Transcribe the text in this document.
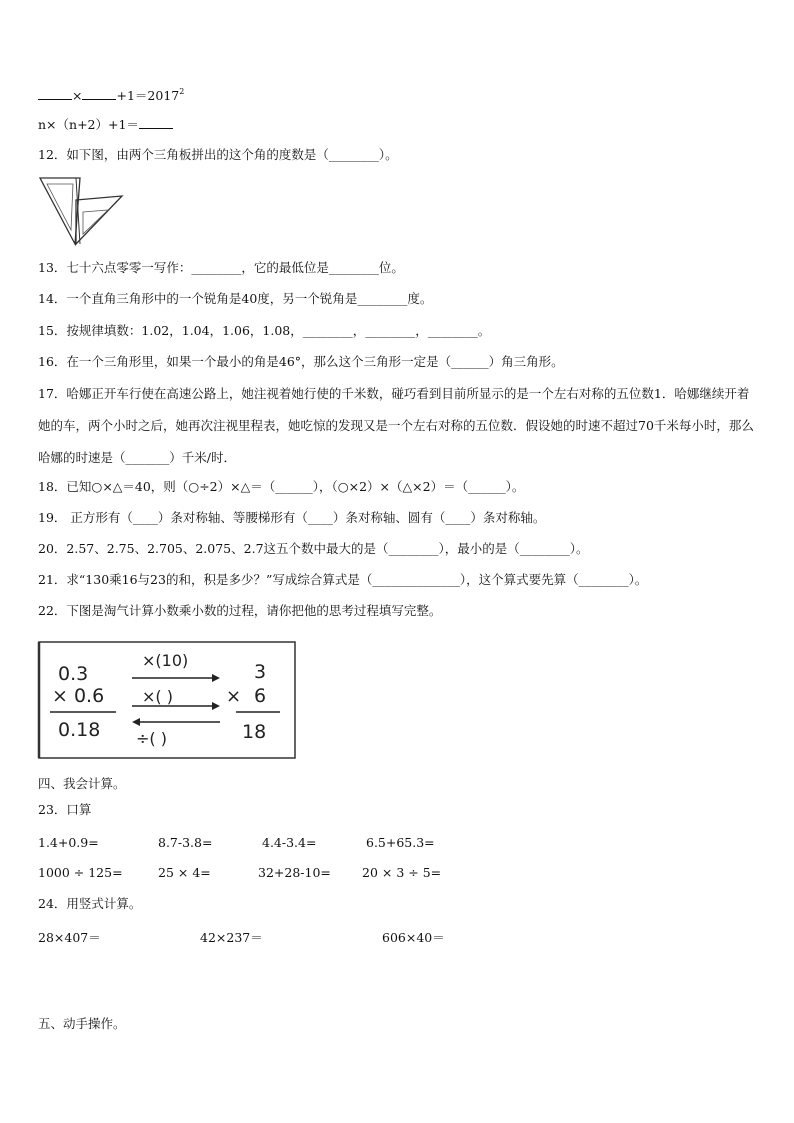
×	$+1=2017^2$
n×（n+2）+1＝
12．如下图，由两个三角板拼出的这个角的度数是（________）。
13．七十六点零零一写作：________，它的最低位是________位。
14．一个直角三角形中的一个锐角是40度，另一个锐角是________度。
15．按规律填数：1.02，1.04，1.06，1.08，________，________，________。
16．在一个三角形里，如果一个最小的角是46°，那么这个三角形一定是（______）角三角形。
17．哈娜正开车行使在高速公路上，她注视着她行使的千米数，碰巧看到目前所显示的是一个左右对称的五位数1．哈娜继续开着她的车，两个小时之后，她再次注视里程表，她吃惊的发现又是一个左右对称的五位数．假设她的时速不超过70千米每小时，那么哈娜的时速是（_______）千米/时．
18．已知○×△＝40，则（○÷2）×△＝（______），（○×2）×（△×2）＝（______）。
19． 正方形有（____）条对称轴、等腰梯形有（____）条对称轴、圆有（____）条对称轴。
20．2.57、2.75、2.705、2.075、2.7这五个数中最大的是（________），最小的是（________）。
21．求“130乘16与23的和，积是多少？”写成综合算式是（______________），这个算式要先算（________）。
22．下图是淘气计算小数乘小数的过程，请你把他的思考过程填写完整。
0.3
× 0.6
0.18
×(10)
×( )
÷( )
×
3
6
18
四、我会计算。
23．口算
1.4+0.9=	8.7-3.8=	4.4-3.4=	6.5+65.3=
1000 ÷ 125=	25 × 4=	32+28-10= 20 × 3 ÷ 5=
24．用竖式计算。
28×407＝	42×237＝	606×40＝
五、动手操作。
